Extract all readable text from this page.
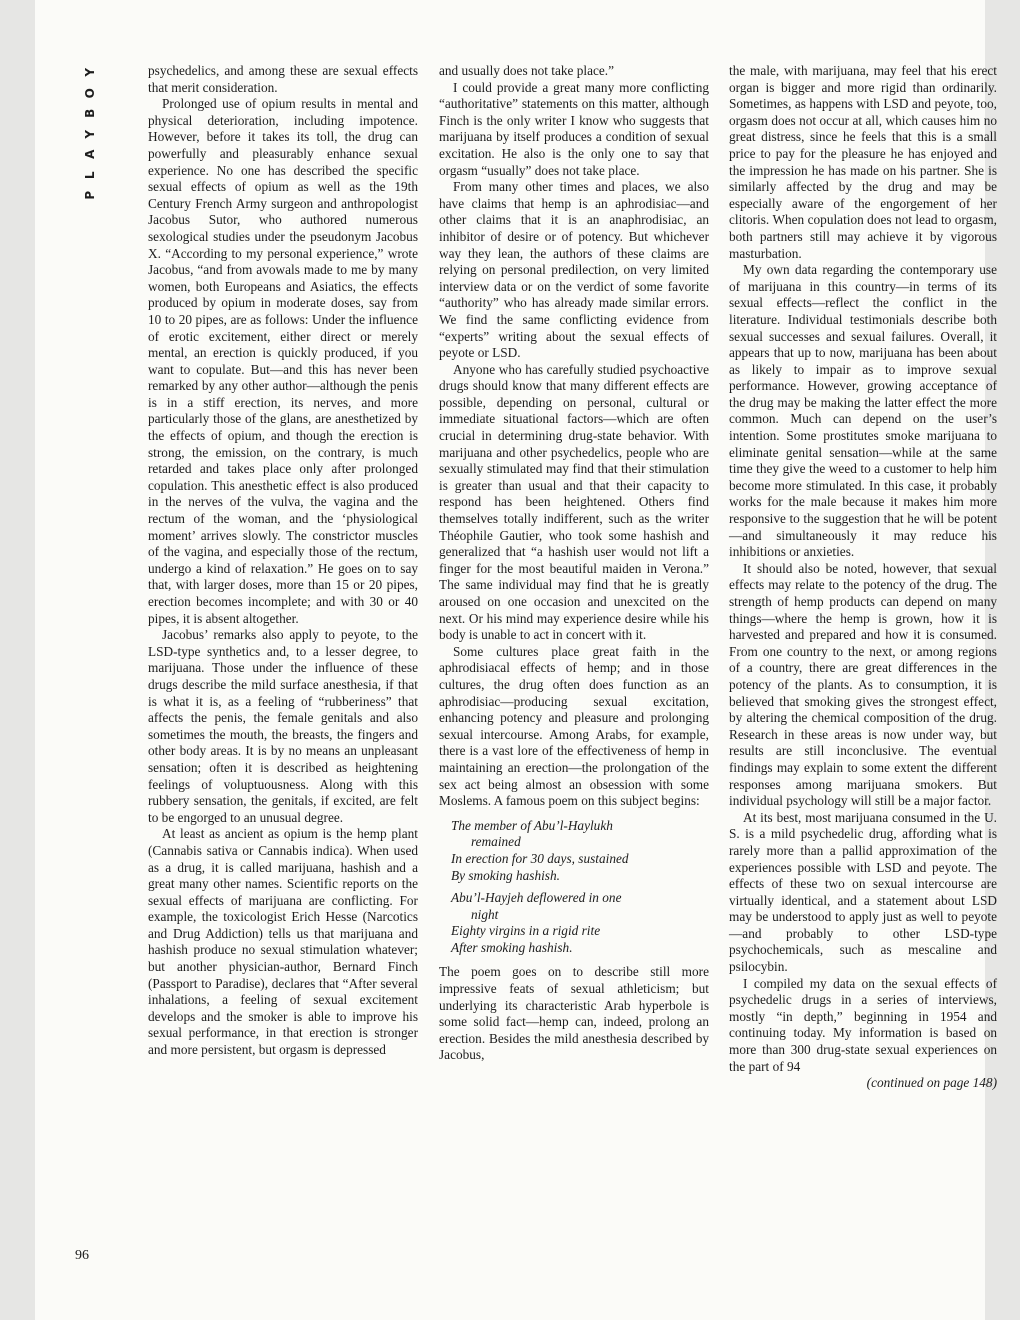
Y
O
B
Y
A
L
P
96

psychedelics, and among these are sexual effects that merit consideration.

Prolonged use of opium results in mental and physical deterioration, including impotence. However, before it takes its toll, the drug can powerfully and pleasurably enhance sexual experience. No one has described the specific sexual effects of opium as well as the 19th Century French Army surgeon and anthropologist Jacobus Sutor, who authored numerous sexological studies under the pseudonym Jacobus X. “According to my personal experience,” wrote Jacobus, “and from avowals made to me by many women, both Europeans and Asiatics, the effects produced by opium in moderate doses, say from 10 to 20 pipes, are as follows: Under the influence of erotic excitement, either direct or merely mental, an erection is quickly produced, if you want to copulate. But—and this has never been remarked by any other author—although the penis is in a stiff erection, its nerves, and more particularly those of the glans, are anesthetized by the effects of opium, and though the erection is strong, the emission, on the contrary, is much retarded and takes place only after prolonged copulation. This anesthetic effect is also produced in the nerves of the vulva, the vagina and the rectum of the woman, and the ‘physiological moment’ arrives slowly. The constrictor muscles of the vagina, and especially those of the rectum, undergo a kind of relaxation.” He goes on to say that, with larger doses, more than 15 or 20 pipes, erection becomes incomplete; and with 30 or 40 pipes, it is absent altogether.

Jacobus’ remarks also apply to peyote, to the LSD-type synthetics and, to a lesser degree, to marijuana. Those under the influence of these drugs describe the mild surface anesthesia, if that is what it is, as a feeling of “rubberiness” that affects the penis, the female genitals and also sometimes the mouth, the breasts, the fingers and other body areas. It is by no means an unpleasant sensation; often it is described as heightening feelings of voluptuousness. Along with this rubbery sensation, the genitals, if excited, are felt to be engorged to an unusual degree.

At least as ancient as opium is the hemp plant (Cannabis sativa or Cannabis indica). When used as a drug, it is called marijuana, hashish and a great many other names. Scientific reports on the sexual effects of marijuana are conflicting. For example, the toxicologist Erich Hesse (Narcotics and Drug Addiction) tells us that marijuana and hashish produce no sexual stimulation whatever; but another physician-author, Bernard Finch (Passport to Paradise), declares that “After several inhalations, a feeling of sexual excitement develops and the smoker is able to improve his sexual performance, in that erection is stronger and more persistent, but orgasm is depressed

and usually does not take place.”

I could provide a great many more conflicting “authoritative” statements on this matter, although Finch is the only writer I know who suggests that marijuana by itself produces a condition of sexual excitation. He also is the only one to say that orgasm “usually” does not take place.

From many other times and places, we also have claims that hemp is an aphrodisiac—and other claims that it is an anaphrodisiac, an inhibitor of desire or of potency. But whichever way they lean, the authors of these claims are relying on personal predilection, on very limited interview data or on the verdict of some favorite “authority” who has already made similar errors. We find the same conflicting evidence from “experts” writing about the sexual effects of peyote or LSD.

Anyone who has carefully studied psychoactive drugs should know that many different effects are possible, depending on personal, cultural or immediate situational factors—which are often crucial in determining drug-state behavior. With marijuana and other psychedelics, people who are sexually stimulated may find that their stimulation is greater than usual and that their capacity to respond has been heightened. Others find themselves totally indifferent, such as the writer Théophile Gautier, who took some hashish and generalized that “a hashish user would not lift a finger for the most beautiful maiden in Verona.” The same individual may find that he is greatly aroused on one occasion and unexcited on the next. Or his mind may experience desire while his body is unable to act in concert with it.

Some cultures place great faith in the aphrodisiacal effects of hemp; and in those cultures, the drug often does function as an aphrodisiac—producing sexual excitation, enhancing potency and pleasure and prolonging sexual intercourse. Among Arabs, for example, there is a vast lore of the effectiveness of hemp in maintaining an erection—the prolongation of the sex act being almost an obsession with some Moslems. A famous poem on this subject begins:

The member of Abu’l-Haylukh
remained
In erection for 30 days, sustained
By smoking hashish.
Abu’l-Hayjeh deflowered in one
night
Eighty virgins in a rigid rite
After smoking hashish.

The poem goes on to describe still more impressive feats of sexual athleticism; but underlying its characteristic Arab hyperbole is some solid fact—hemp can, indeed, prolong an erection. Besides the mild anesthesia described by Jacobus,

the male, with marijuana, may feel that his erect organ is bigger and more rigid than ordinarily. Sometimes, as happens with LSD and peyote, too, orgasm does not occur at all, which causes him no great distress, since he feels that this is a small price to pay for the pleasure he has enjoyed and the impression he has made on his partner. She is similarly affected by the drug and may be especially aware of the engorgement of her clitoris. When copulation does not lead to orgasm, both partners still may achieve it by vigorous masturbation.

My own data regarding the contemporary use of marijuana in this country—in terms of its sexual effects—reflect the conflict in the literature. Individual testimonials describe both sexual successes and sexual failures. Overall, it appears that up to now, marijuana has been about as likely to impair as to improve sexual performance. However, growing acceptance of the drug may be making the latter effect the more common. Much can depend on the user’s intention. Some prostitutes smoke marijuana to eliminate genital sensation—while at the same time they give the weed to a customer to help him become more stimulated. In this case, it probably works for the male because it makes him more responsive to the suggestion that he will be potent—and simultaneously it may reduce his inhibitions or anxieties.

It should also be noted, however, that sexual effects may relate to the potency of the drug. The strength of hemp products can depend on many things—where the hemp is grown, how it is harvested and prepared and how it is consumed. From one country to the next, or among regions of a country, there are great differences in the potency of the plants. As to consumption, it is believed that smoking gives the strongest effect, by altering the chemical composition of the drug. Research in these areas is now under way, but results are still inconclusive. The eventual findings may explain to some extent the different responses among marijuana smokers. But individual psychology will still be a major factor.

At its best, most marijuana consumed in the U. S. is a mild psychedelic drug, affording what is rarely more than a pallid approximation of the experiences possible with LSD and peyote. The effects of these two on sexual intercourse are virtually identical, and a statement about LSD may be understood to apply just as well to peyote—and probably to other LSD-type psychochemicals, such as mescaline and psilocybin.

I compiled my data on the sexual effects of psychedelic drugs in a series of interviews, mostly “in depth,” beginning in 1954 and continuing today. My information is based on more than 300 drug-state sexual experiences on the part of 94

(continued on page 148)
